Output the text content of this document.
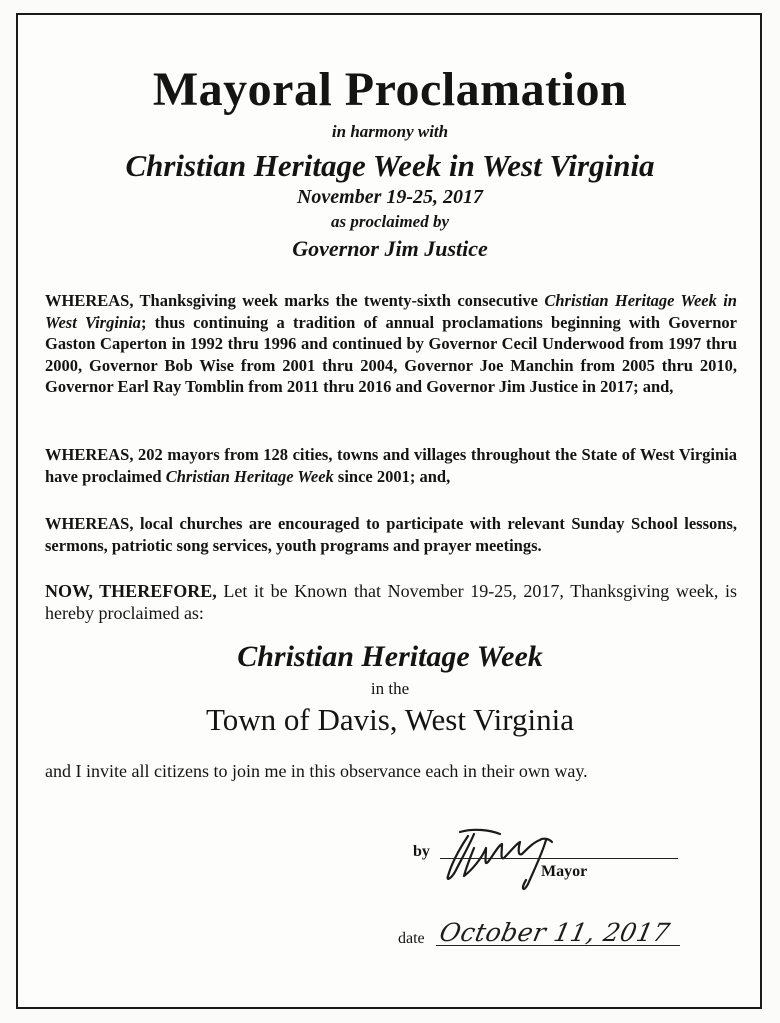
Mayoral Proclamation

in harmony with

Christian Heritage Week in West Virginia

November 19-25, 2017

as proclaimed by

Governor Jim Justice

WHEREAS, Thanksgiving week marks the twenty-sixth consecutive Christian Heritage Week in West Virginia; thus continuing a tradition of annual proclamations beginning with Governor Gaston Caperton in 1992 thru 1996 and continued by Governor Cecil Underwood from 1997 thru 2000, Governor Bob Wise from 2001 thru 2004, Governor Joe Manchin from 2005 thru 2010, Governor Earl Ray Tomblin from 2011 thru 2016 and Governor Jim Justice in 2017; and,

WHEREAS, 202 mayors from 128 cities, towns and villages throughout the State of West Virginia have proclaimed Christian Heritage Week since 2001; and,

WHEREAS, local churches are encouraged to participate with relevant Sunday School lessons, sermons, patriotic song services, youth programs and prayer meetings.

NOW, THEREFORE, Let it be Known that November 19-25, 2017, Thanksgiving week, is hereby proclaimed as:

Christian Heritage Week

in the

Town of Davis, West Virginia

and I invite all citizens to join me in this observance each in their own way.

by
Mayor
date October 11, 2017
